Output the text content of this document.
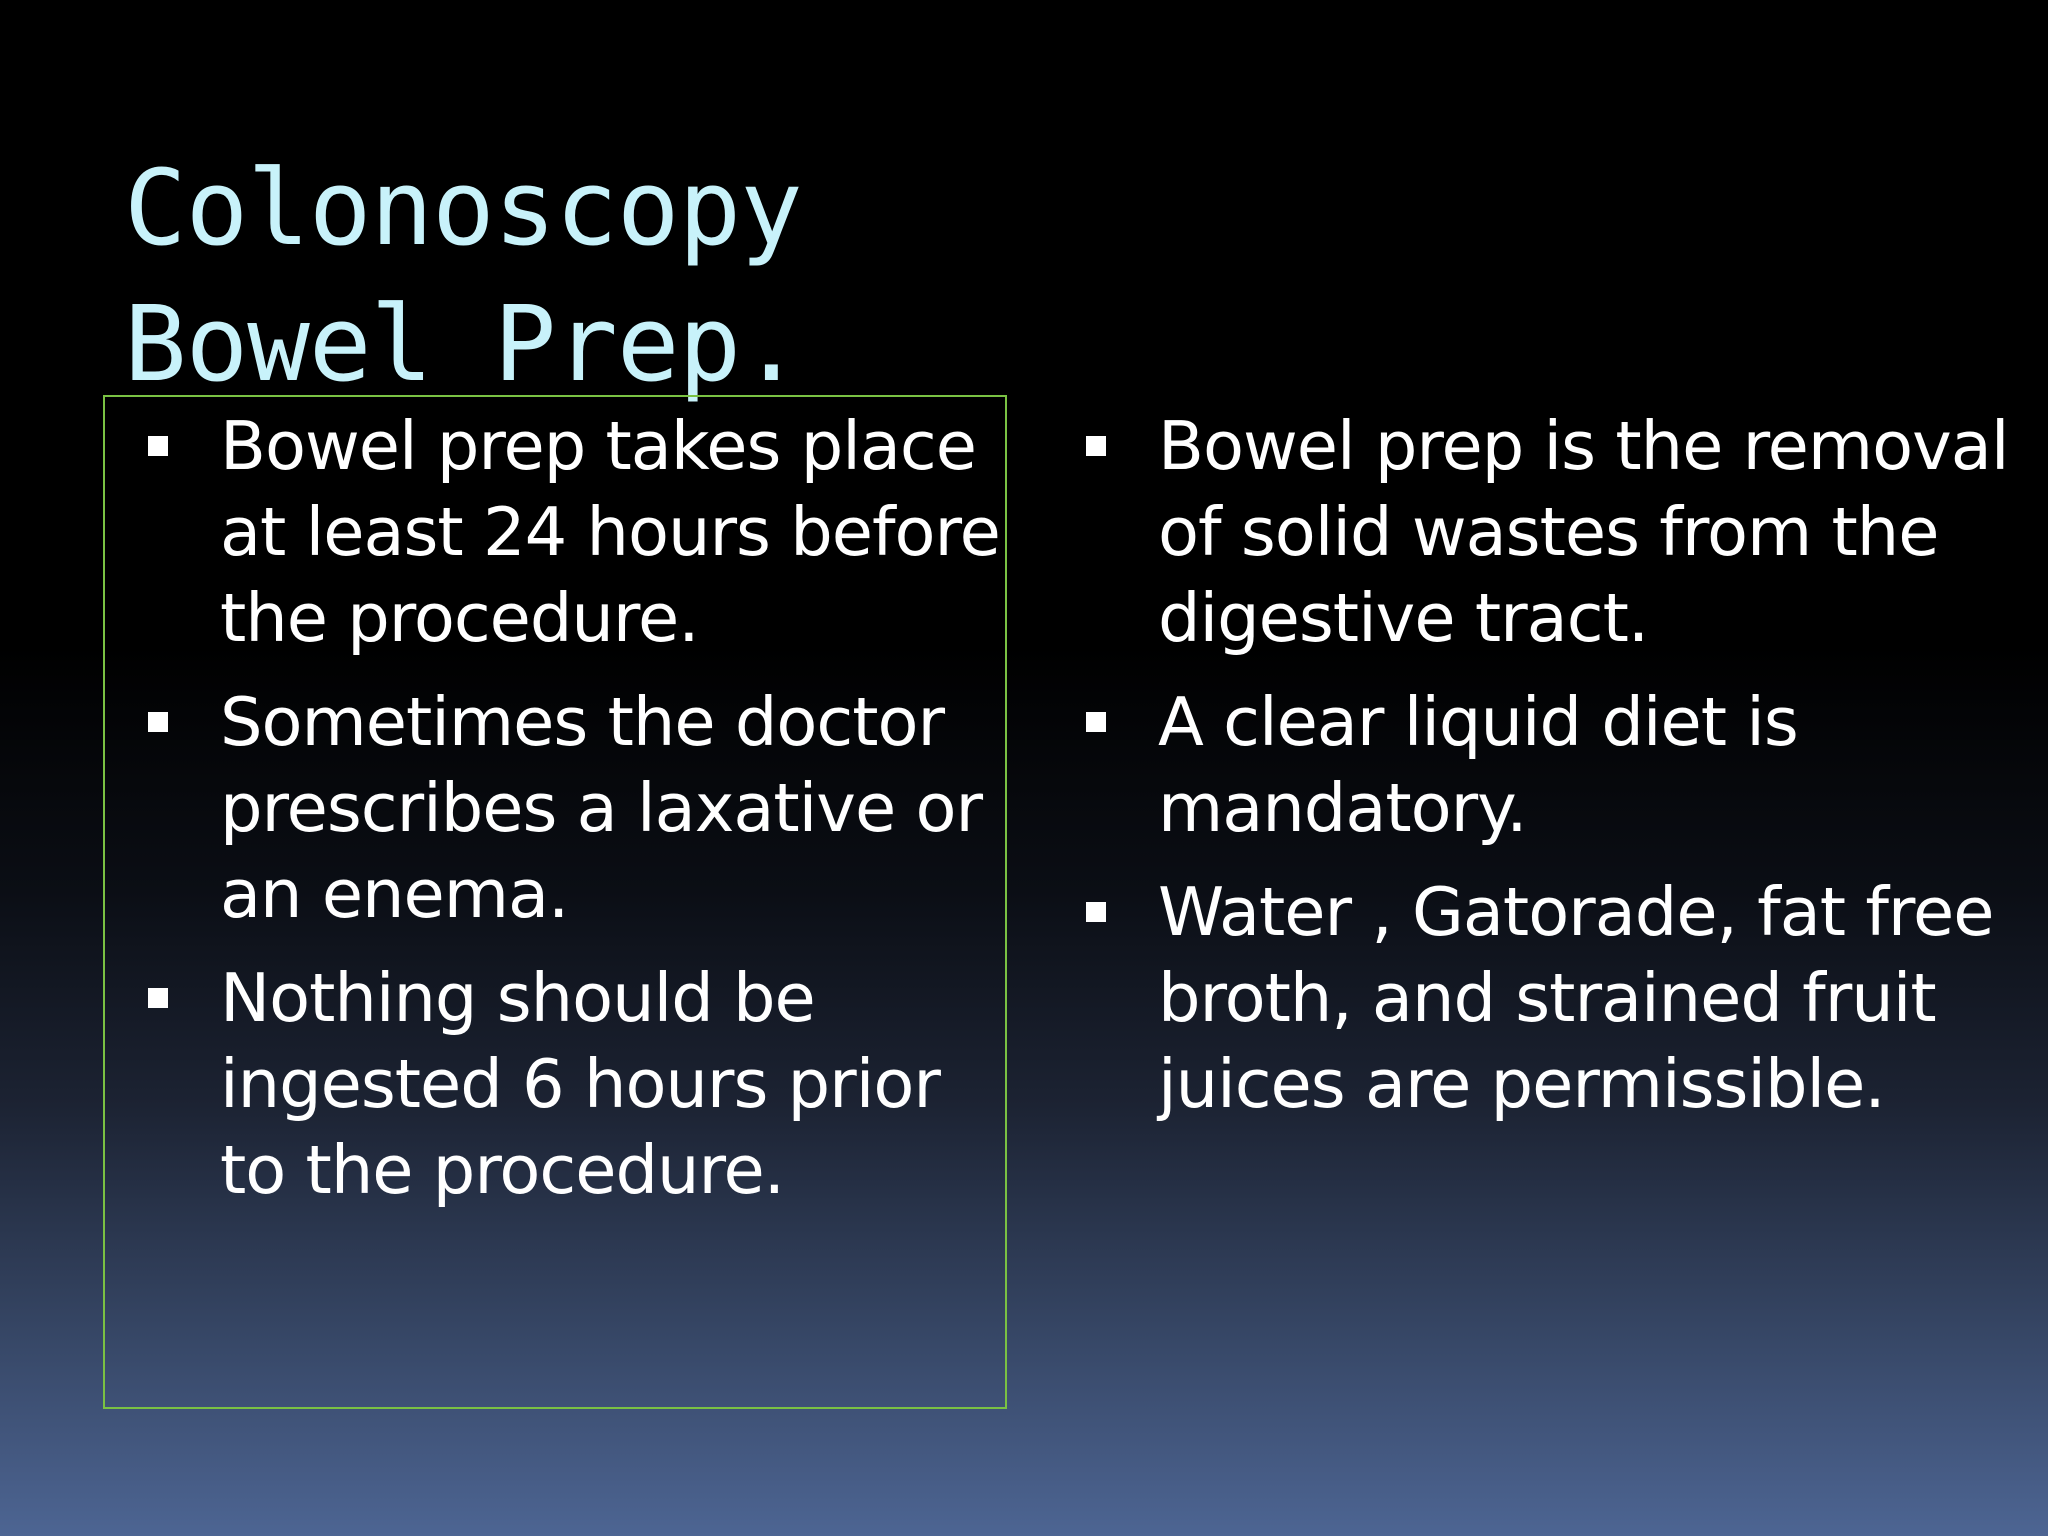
Colonoscopy
Bowel Prep.
Bowel prep takes place at least 24 hours before the procedure.
Sometimes the doctor prescribes a laxative or an enema.
Nothing should be ingested 6 hours prior to the procedure.
Bowel prep is the removal of solid wastes from the digestive tract.
A clear liquid diet is mandatory.
Water , Gatorade, fat free broth, and strained fruit juices are permissible.
